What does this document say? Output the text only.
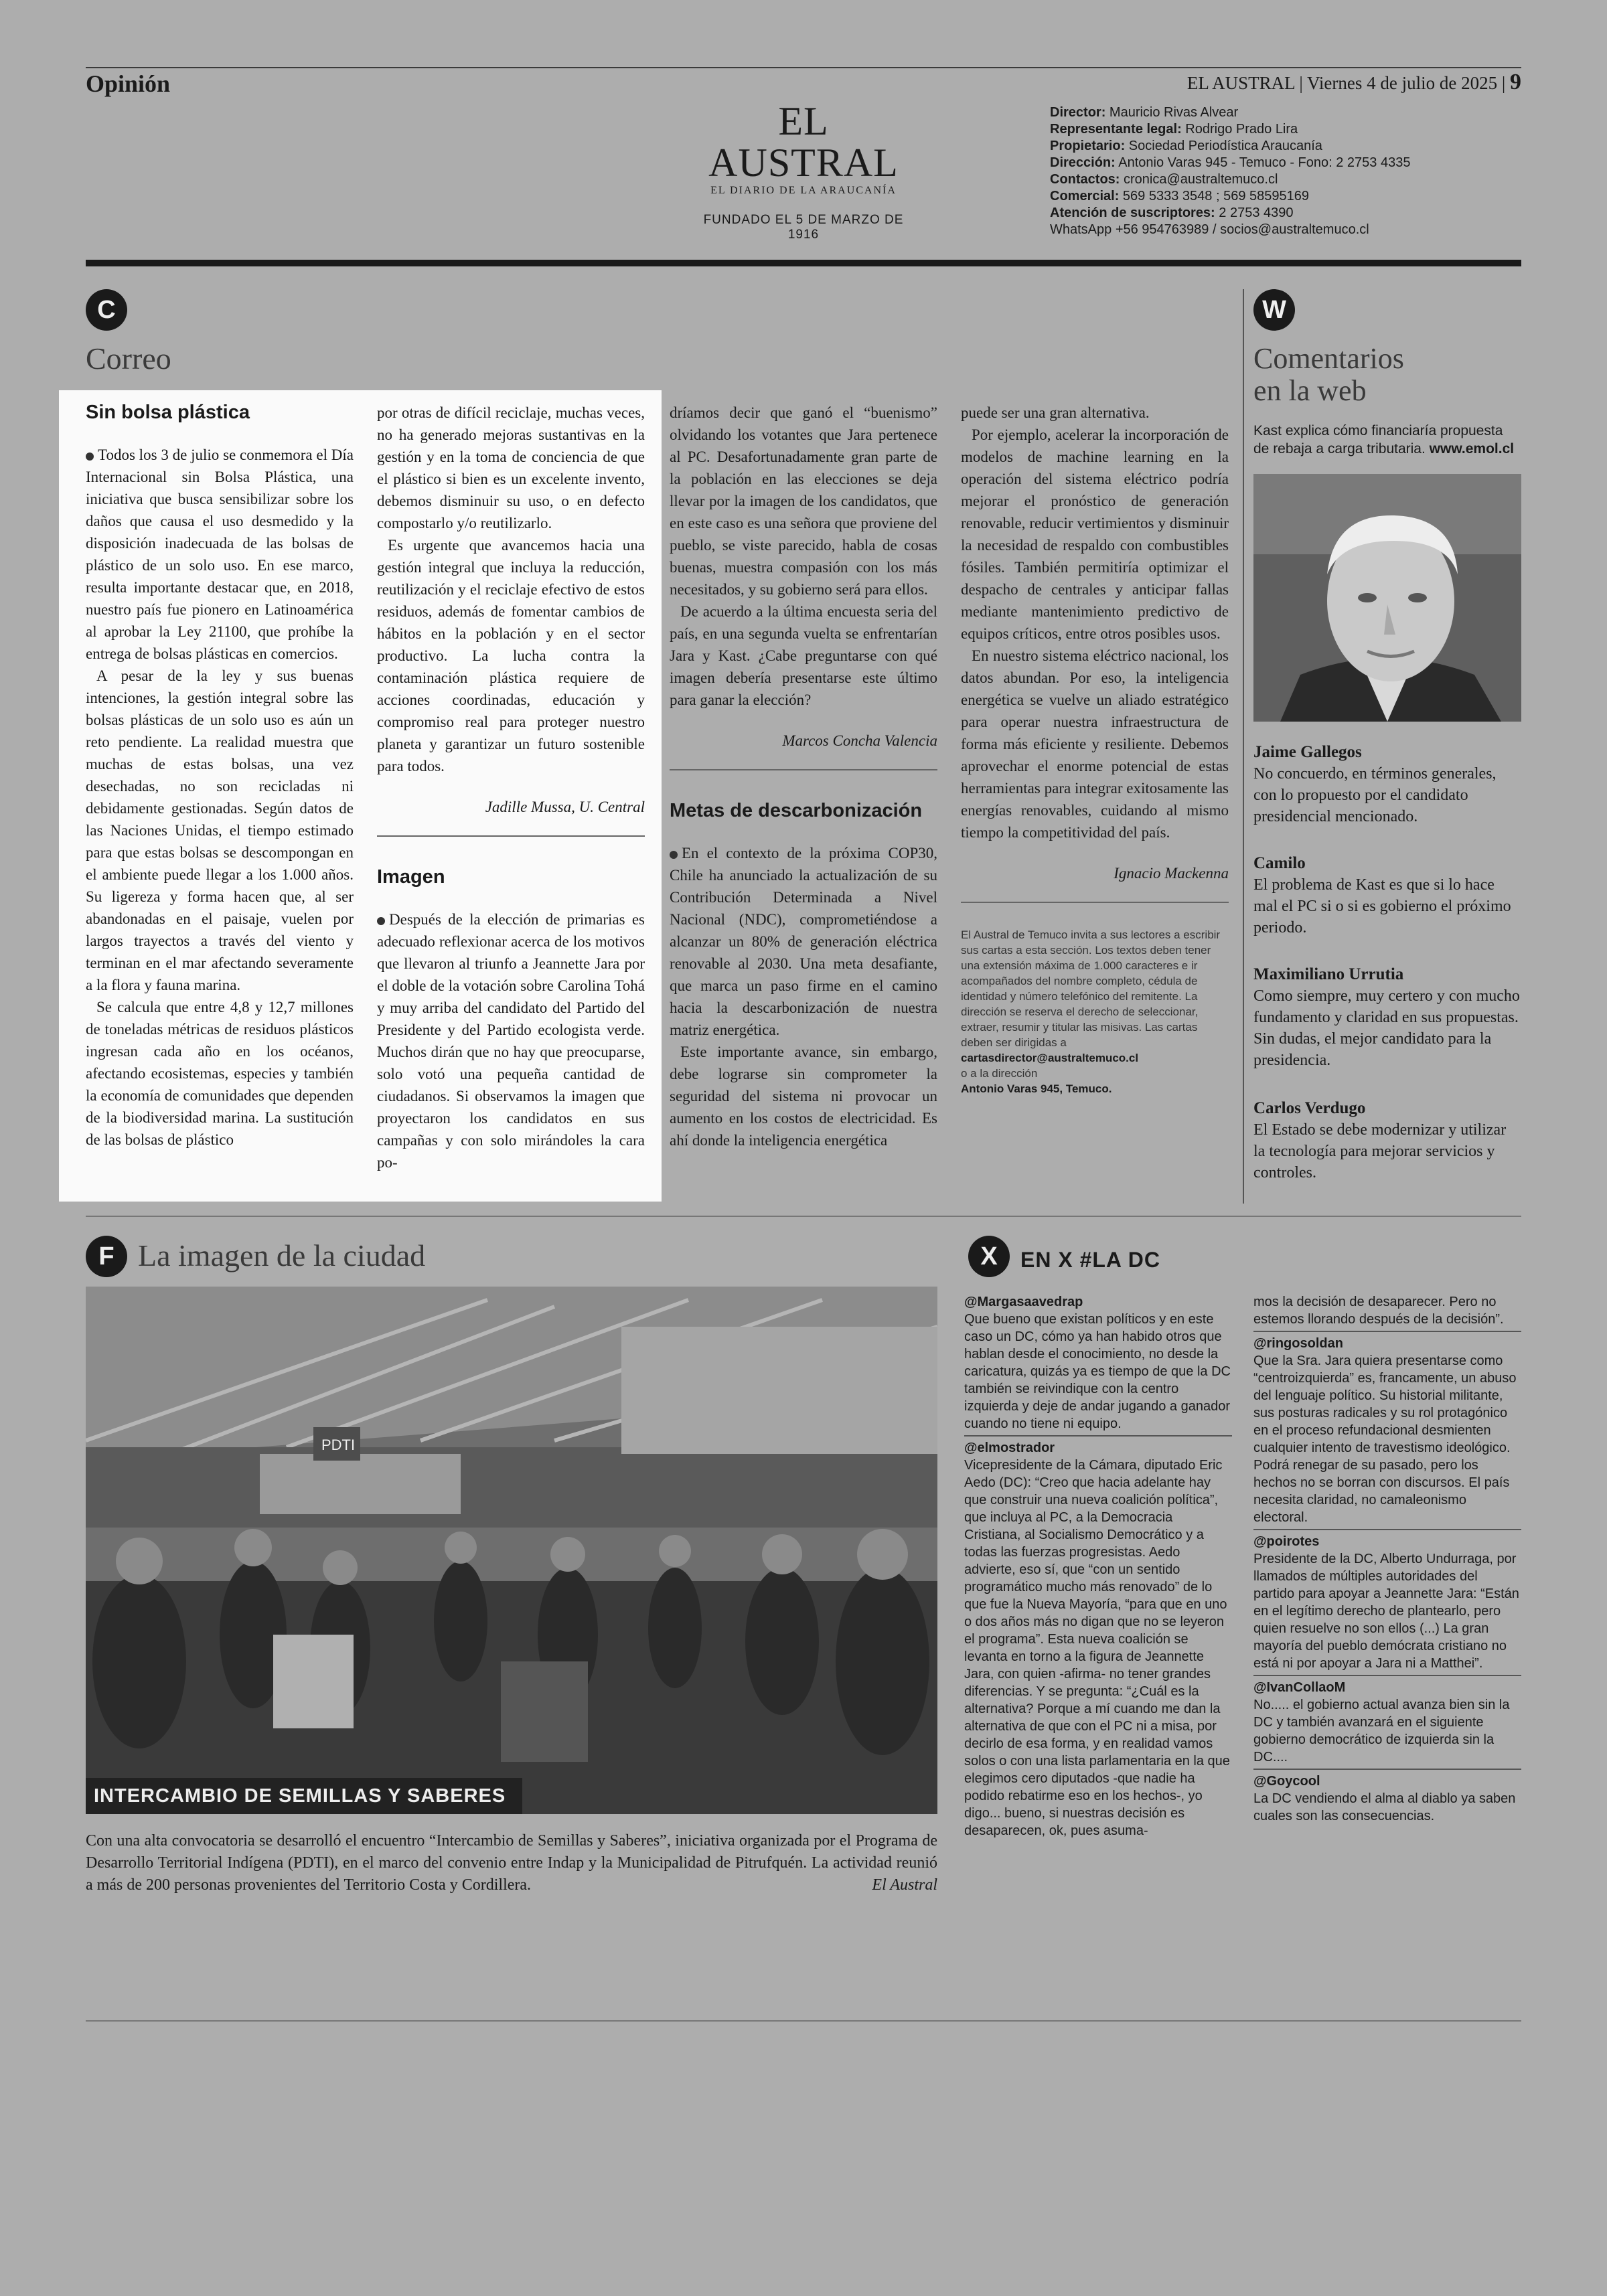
Opinión	EL AUSTRAL | Viernes 4 de julio de 2025 | 9
EL AUSTRAL
EL DIARIO DE LA ARAUCANÍA
FUNDADO EL 5 DE MARZO DE 1916
Director: Mauricio Rivas Alvear
Representante legal: Rodrigo Prado Lira
Propietario: Sociedad Periodística Araucanía
Dirección: Antonio Varas 945 - Temuco - Fono: 2 2753 4335
Contactos: cronica@australtemuco.cl
Comercial: 569 5333 3548 ; 569 58595169
Atención de suscriptores: 2 2753 4390
WhatsApp +56 954763989 / socios@australtemuco.cl
C
Correo
Sin bolsa plástica

Todos los 3 de julio se conmemora el Día Internacional sin Bolsa Plástica, una iniciativa que busca sensibilizar sobre los daños que causa el uso desmedido y la disposición inadecuada de las bolsas de plástico de un solo uso. En ese marco, resulta importante destacar que, en 2018, nuestro país fue pionero en Latinoamérica al aprobar la Ley 21100, que prohíbe la entrega de bolsas plásticas en comercios.

A pesar de la ley y sus buenas intenciones, la gestión integral sobre las bolsas plásticas de un solo uso es aún un reto pendiente. La realidad muestra que muchas de estas bolsas, una vez desechadas, no son recicladas ni debidamente gestionadas. Según datos de las Naciones Unidas, el tiempo estimado para que estas bolsas se descompongan en el ambiente puede llegar a los 1.000 años. Su ligereza y forma hacen que, al ser abandonadas en el paisaje, vuelen por largos trayectos a través del viento y terminan en el mar afectando severamente a la flora y fauna marina.

Se calcula que entre 4,8 y 12,7 millones de toneladas métricas de residuos plásticos ingresan cada año en los océanos, afectando ecosistemas, especies y también la economía de comunidades que dependen de la biodiversidad marina. La sustitución de las bolsas de plástico

por otras de difícil reciclaje, muchas veces, no ha generado mejoras sustantivas en la gestión y en la toma de conciencia de que el plástico si bien es un excelente invento, debemos disminuir su uso, o en defecto compostarlo y/o reutilizarlo.

Es urgente que avancemos hacia una gestión integral que incluya la reducción, reutilización y el reciclaje efectivo de estos residuos, además de fomentar cambios de hábitos en la población y en el sector productivo. La lucha contra la contaminación plástica requiere de acciones coordinadas, educación y compromiso real para proteger nuestro planeta y garantizar un futuro sostenible para todos.

Jadille Mussa, U. Central
Imagen

Después de la elección de primarias es adecuado reflexionar acerca de los motivos que llevaron al triunfo a Jeannette Jara por el doble de la votación sobre Carolina Tohá y muy arriba del candidato del Partido del Presidente y del Partido ecologista verde. Muchos dirán que no hay que preocuparse, solo votó una pequeña cantidad de ciudadanos. Si observamos la imagen que proyectaron los candidatos en sus campañas y con solo mirándoles la cara po-

dríamos decir que ganó el “buenismo” olvidando los votantes que Jara pertenece al PC. Desafortunadamente gran parte de la población en las elecciones se deja llevar por la imagen de los candidatos, que en este caso es una señora que proviene del pueblo, se viste parecido, habla de cosas buenas, muestra compasión con los más necesitados, y su gobierno será para ellos.

De acuerdo a la última encuesta seria del país, en una segunda vuelta se enfrentarían Jara y Kast. ¿Cabe preguntarse con qué imagen debería presentarse este último para ganar la elección?

Marcos Concha Valencia
Metas de descarbonización

En el contexto de la próxima COP30, Chile ha anunciado la actualización de su Contribución Determinada a Nivel Nacional (NDC), comprometiéndose a alcanzar un 80% de generación eléctrica renovable al 2030. Una meta desafiante, que marca un paso firme en el camino hacia la descarbonización de nuestra matriz energética.

Este importante avance, sin embargo, debe lograrse sin comprometer la seguridad del sistema ni provocar un aumento en los costos de electricidad. Es ahí donde la inteligencia energética

puede ser una gran alternativa.

Por ejemplo, acelerar la incorporación de modelos de machine learning en la operación del sistema eléctrico podría mejorar el pronóstico de generación renovable, reducir vertimientos y disminuir la necesidad de respaldo con combustibles fósiles. También permitiría optimizar el despacho de centrales y anticipar fallas mediante mantenimiento predictivo de equipos críticos, entre otros posibles usos.

En nuestro sistema eléctrico nacional, los datos abundan. Por eso, la inteligencia energética se vuelve un aliado estratégico para operar nuestra infraestructura de forma más eficiente y resiliente. Debemos aprovechar el enorme potencial de estas herramientas para integrar exitosamente las energías renovables, cuidando al mismo tiempo la competitividad del país.

Ignacio Mackenna
El Austral de Temuco invita a sus lectores a escribir sus cartas a esta sección. Los textos deben tener una extensión máxima de 1.000 caracteres e ir acompañados del nombre completo, cédula de identidad y número telefónico del remitente. La dirección se reserva el derecho de seleccionar, extraer, resumir y titular las misivas. Las cartas deben ser dirigidas a cartasdirector@australtemuco.cl
o a la dirección
Antonio Varas 945, Temuco.
W
Comentarios
en la web
Kast explica cómo financiaría propuesta de rebaja a carga tributaria. www.emol.cl
Jaime Gallegos
No concuerdo, en términos generales, con lo propuesto por el candidato presidencial mencionado.
Camilo
El problema de Kast es que si lo hace mal el PC si o si es gobierno el próximo periodo.
Maximiliano Urrutia
Como siempre, muy certero y con mucho fundamento y claridad en sus propuestas. Sin dudas, el mejor candidato para la presidencia.
Carlos Verdugo
El Estado se debe modernizar y utilizar la tecnología para mejorar servicios y controles.
F La imagen de la ciudad
PDTI
INTERCAMBIO DE SEMILLAS Y SABERES
Con una alta convocatoria se desarrolló el encuentro “Intercambio de Semillas y Saberes”, iniciativa organizada por el Programa de Desarrollo Territorial Indígena (PDTI), en el marco del convenio entre Indap y la Municipalidad de Pitrufquén. La actividad reunió a más de 200 personas provenientes del Territorio Costa y Cordillera.	El Austral
X	EN X #LA DC
@Margasaavedrap

Que bueno que existan políticos y en este caso un DC, cómo ya han habido otros que hablan desde el conocimiento, no desde la caricatura, quizás ya es tiempo de que la DC también se reivindique con la centro izquierda y deje de andar jugando a ganador cuando no tiene ni equipo.

@elmostrador

Vicepresidente de la Cámara, diputado Eric Aedo (DC): “Creo que hacia adelante hay que construir una nueva coalición política”, que incluya al PC, a la Democracia Cristiana, al Socialismo Democrático y a todas las fuerzas progresistas. Aedo advierte, eso sí, que “con un sentido programático mucho más renovado” de lo que fue la Nueva Mayoría, “para que en uno o dos años más no digan que no se leyeron el programa”. Esta nueva coalición se levanta en torno a la figura de Jeannette Jara, con quien -afirma- no tener grandes diferencias. Y se pregunta: “¿Cuál es la alternativa? Porque a mí cuando me dan la alternativa de que con el PC ni a misa, por decirlo de esa forma, y en realidad vamos solos o con una lista parlamentaria en la que elegimos cero diputados -que nadie ha podido rebatirme eso en los hechos-, yo digo... bueno, si nuestras decisión es desaparecen, ok, pues asuma-

mos la decisión de desaparecer. Pero no estemos llorando después de la decisión”.

@ringosoldan

Que la Sra. Jara quiera presentarse como “centroizquierda” es, francamente, un abuso del lenguaje político. Su historial militante, sus posturas radicales y su rol protagónico en el proceso refundacional desmienten cualquier intento de travestismo ideológico. Podrá renegar de su pasado, pero los hechos no se borran con discursos. El país necesita claridad, no camaleonismo electoral.

@poirotes

Presidente de la DC, Alberto Undurraga, por llamados de múltiples autoridades del partido para apoyar a Jeannette Jara: “Están en el legítimo derecho de plantearlo, pero quien resuelve no son ellos (...) La gran mayoría del pueblo demócrata cristiano no está ni por apoyar a Jara ni a Matthei”.

@IvanCollaoM

No..... el gobierno actual avanza bien sin la DC y también avanzará en el siguiente gobierno democrático de izquierda sin la DC....

@Goycool

La DC vendiendo el alma al diablo ya saben cuales son las consecuencias.
